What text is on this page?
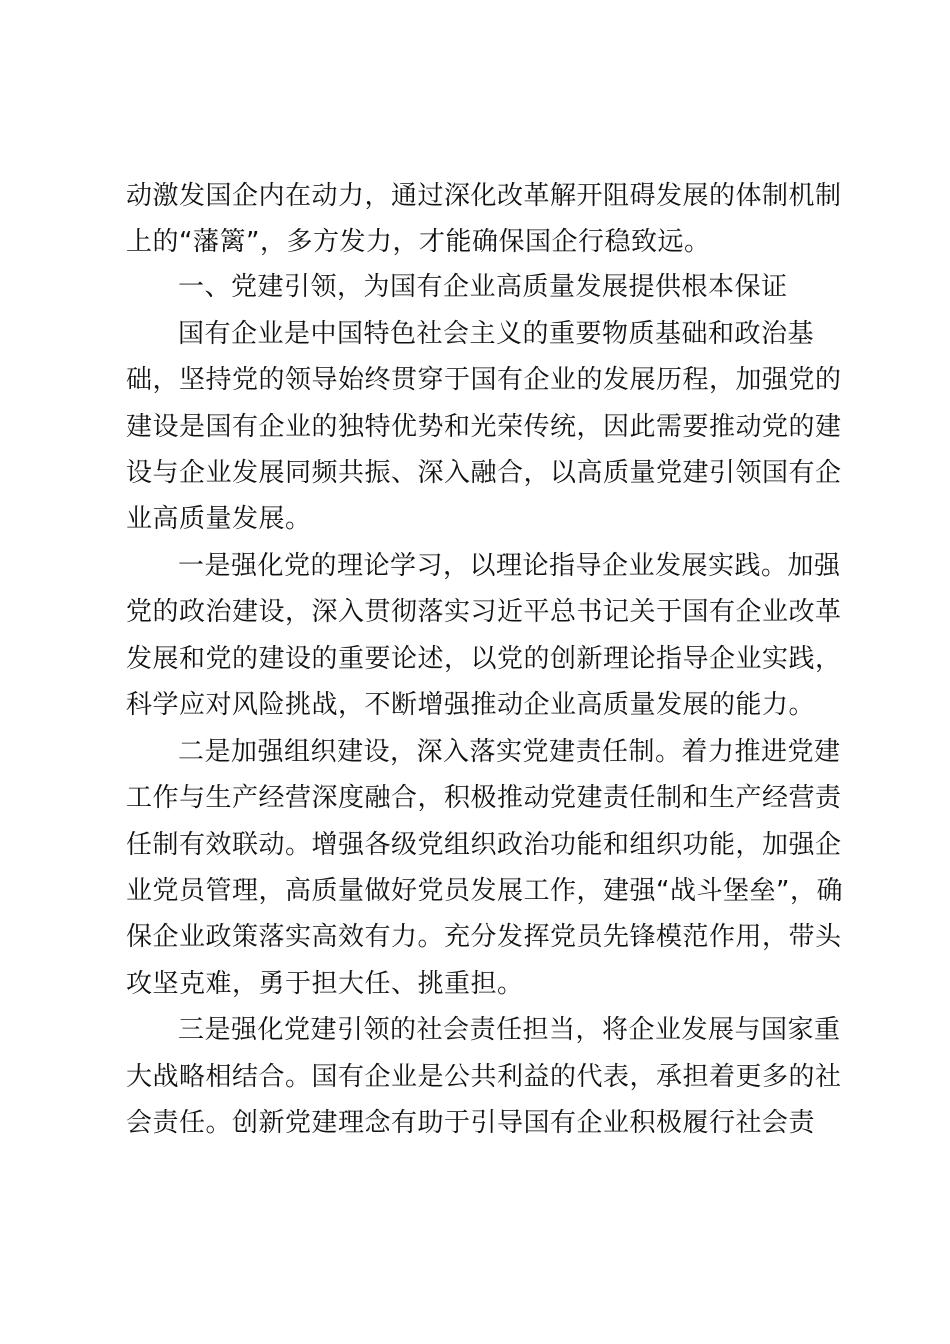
动激发国企内在动力，通过深化改革解开阻碍发展的体制机制
上的“藩篱”，多方发力，才能确保国企行稳致远。
一、党建引领，为国有企业高质量发展提供根本保证
国有企业是中国特色社会主义的重要物质基础和政治基
础，坚持党的领导始终贯穿于国有企业的发展历程，加强党的
建设是国有企业的独特优势和光荣传统，因此需要推动党的建
设与企业发展同频共振、深入融合，以高质量党建引领国有企
业高质量发展。
一是强化党的理论学习，以理论指导企业发展实践。加强
党的政治建设，深入贯彻落实习近平总书记关于国有企业改革
发展和党的建设的重要论述，以党的创新理论指导企业实践，
科学应对风险挑战，不断增强推动企业高质量发展的能力。
二是加强组织建设，深入落实党建责任制。着力推进党建
工作与生产经营深度融合，积极推动党建责任制和生产经营责
任制有效联动。增强各级党组织政治功能和组织功能，加强企
业党员管理，高质量做好党员发展工作，建强“战斗堡垒”，确
保企业政策落实高效有力。充分发挥党员先锋模范作用，带头
攻坚克难，勇于担大任、挑重担。
三是强化党建引领的社会责任担当，将企业发展与国家重
大战略相结合。国有企业是公共利益的代表，承担着更多的社
会责任。创新党建理念有助于引导国有企业积极履行社会责
